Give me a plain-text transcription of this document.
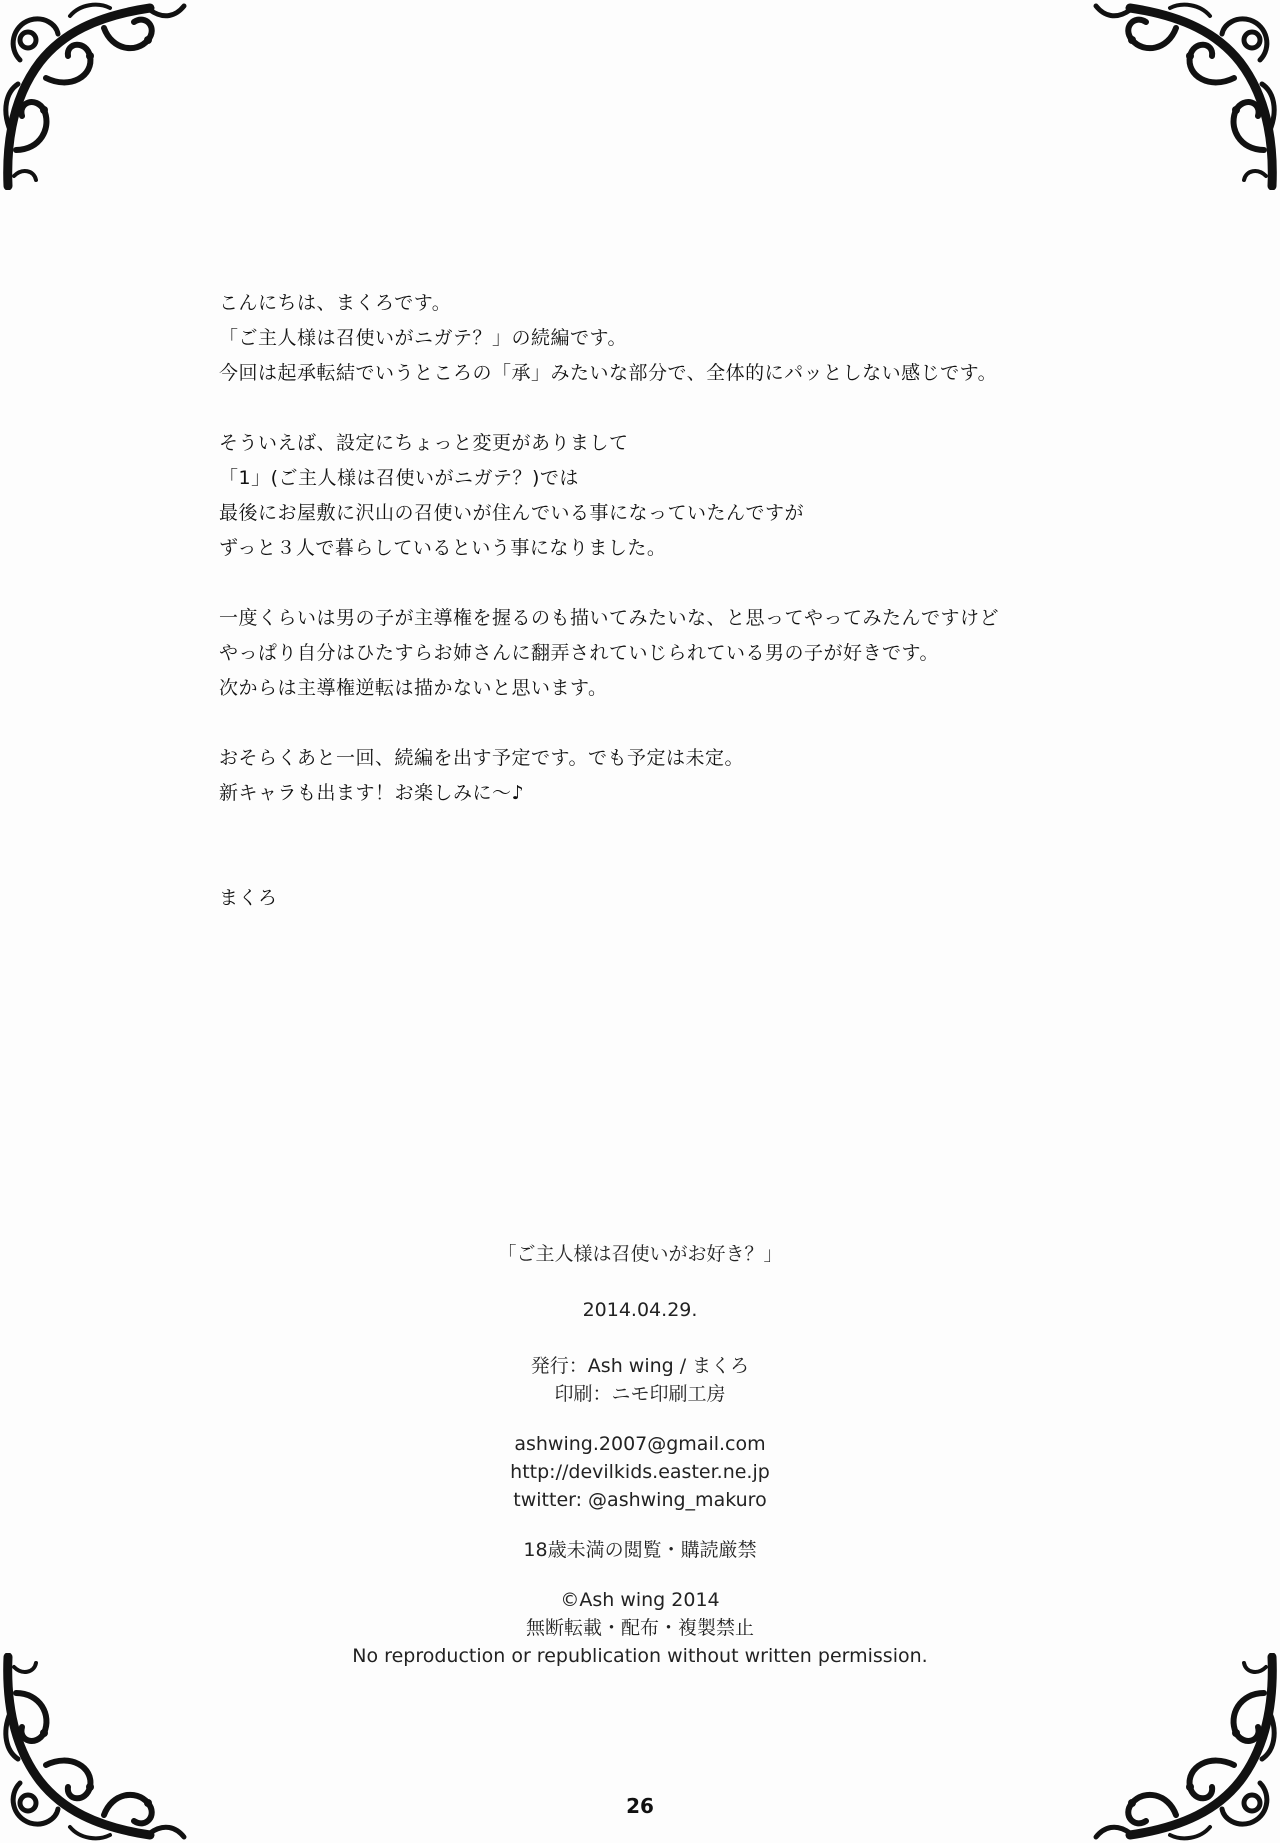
こんにちは、まくろです。
「ご主人様は召使いがニガテ？」の続編です。
今回は起承転結でいうところの「承」みたいな部分で、全体的にパッとしない感じです。
そういえば、設定にちょっと変更がありまして
「1」(ご主人様は召使いがニガテ？)では
最後にお屋敷に沢山の召使いが住んでいる事になっていたんですが
ずっと３人で暮らしているという事になりました。
一度くらいは男の子が主導権を握るのも描いてみたいな、と思ってやってみたんですけど
やっぱり自分はひたすらお姉さんに翻弄されていじられている男の子が好きです。
次からは主導権逆転は描かないと思います。
おそらくあと一回、続編を出す予定です。でも予定は未定。
新キャラも出ます！お楽しみに～♪
まくろ
「ご主人様は召使いがお好き？」
2014.04.29.
発行：Ash wing / まくろ
印刷：ニモ印刷工房
ashwing.2007@gmail.com
http://devilkids.easter.ne.jp
twitter: @ashwing_makuro
18歳未満の閲覧・購読厳禁
©Ash wing 2014
無断転載・配布・複製禁止
No reproduction or republication without written permission.
26
